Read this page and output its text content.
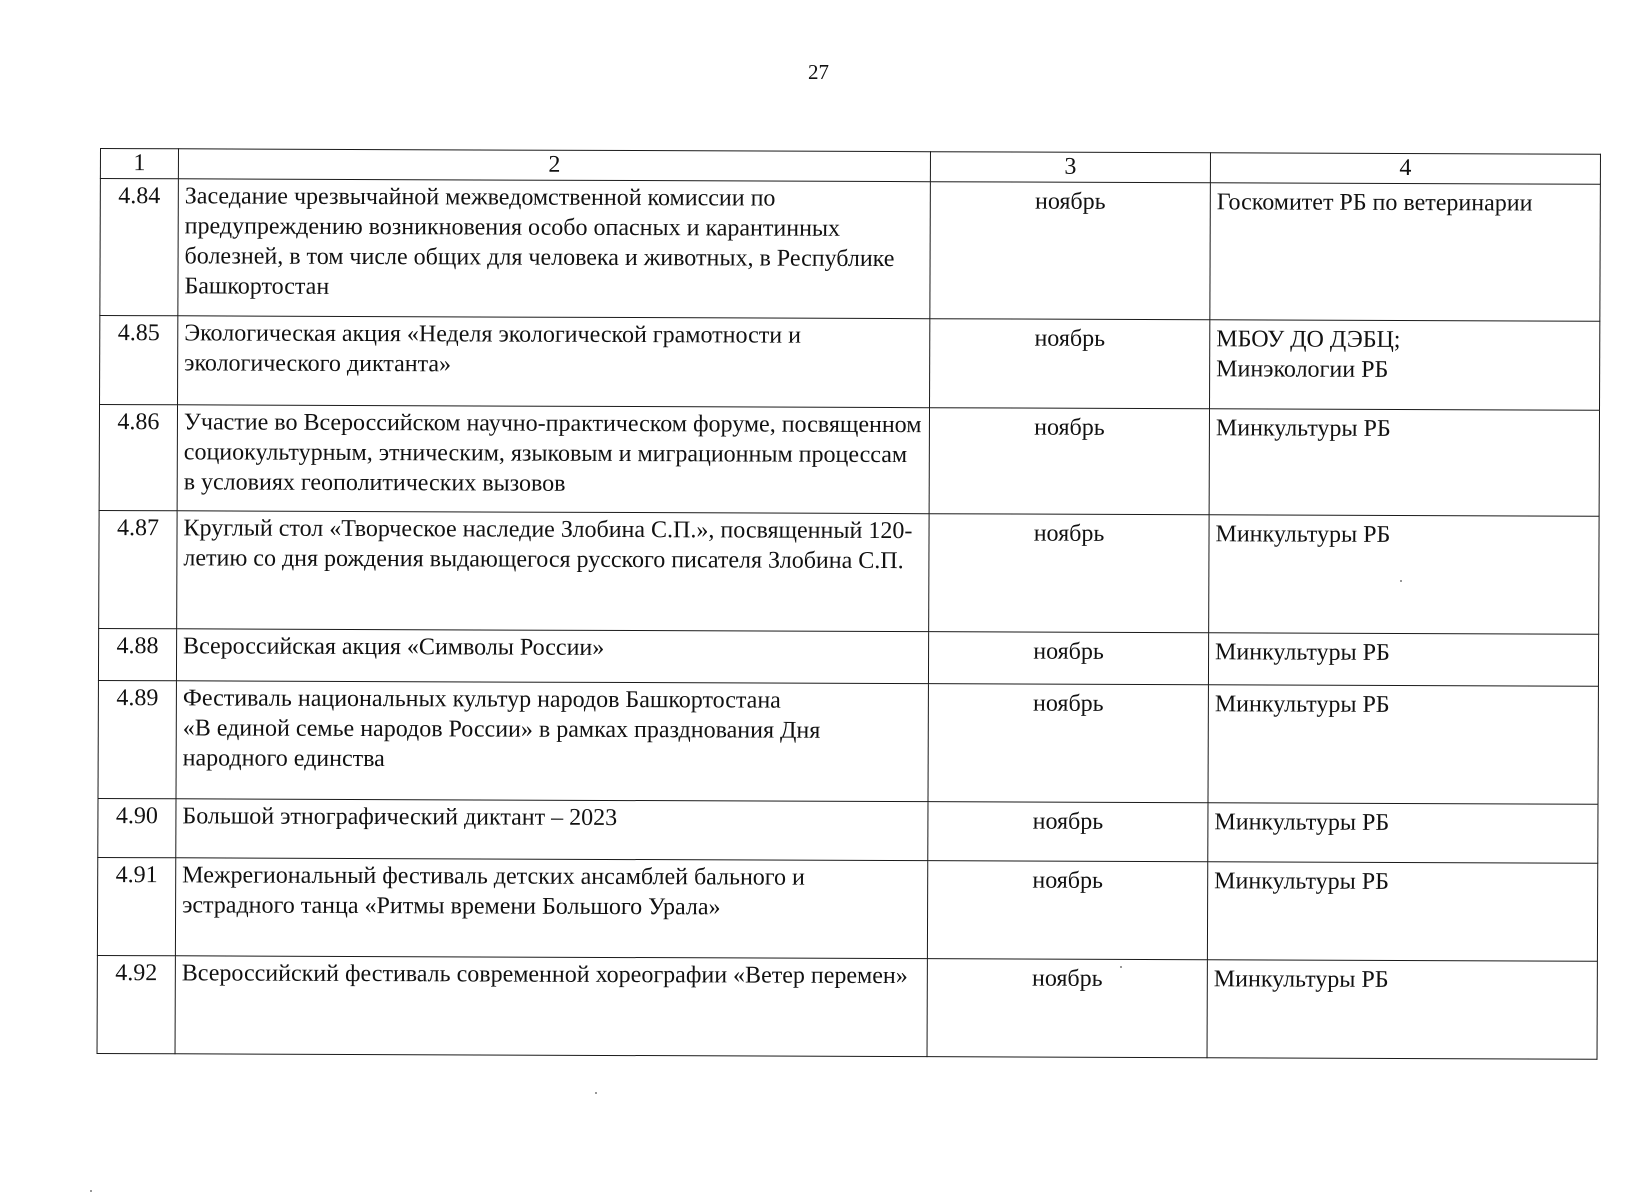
27
1	2	3	4
4.84	Заседание чрезвычайной межведомственной комиссии по предупреждению возникновения особо опасных и карантинных болезней, в том числе общих для человека и животных, в Республике Башкортостан	ноябрь	Госкомитет РБ по ветеринарии
4.85	Экологическая акция «Неделя экологической грамотности и экологического диктанта»	ноябрь	МБОУ ДО ДЭБЦ;
Минэкологии РБ
4.86	Участие во Всероссийском научно-практическом форуме, посвященном социокультурным, этническим, языковым и миграционным процессам в условиях геополитических вызовов	ноябрь	Минкультуры РБ
4.87	Круглый стол «Творческое наследие Злобина С.П.», посвященный 120-летию со дня рождения выдающегося русского писателя Злобина С.П.	ноябрь	Минкультуры РБ
4.88	Всероссийская акция «Символы России»	ноябрь	Минкультуры РБ
4.89	Фестиваль национальных культур народов Башкортостана
«В единой семье народов России» в рамках празднования Дня народного единства	ноябрь	Минкультуры РБ
4.90	Большой этнографический диктант – 2023	ноябрь	Минкультуры РБ
4.91	Межрегиональный фестиваль детских ансамблей бального и эстрадного танца «Ритмы времени Большого Урала»	ноябрь	Минкультуры РБ
4.92	Всероссийский фестиваль современной хореографии «Ветер перемен»	ноябрь	Минкультуры РБ
